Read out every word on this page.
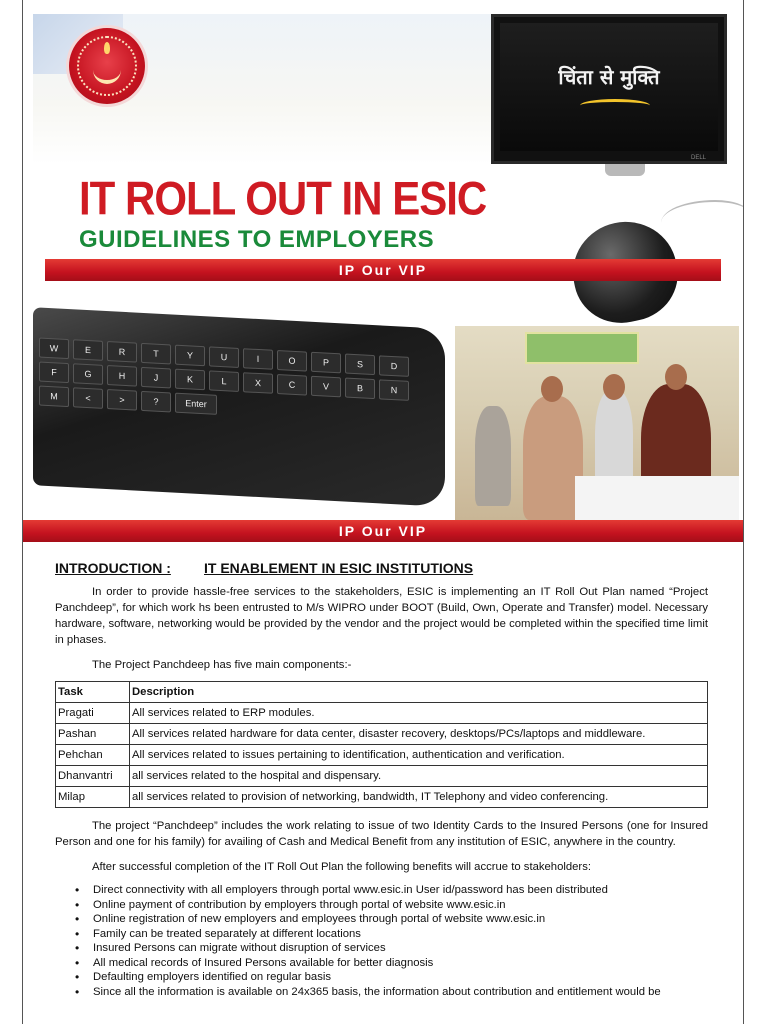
चिंता से मुक्ति
DELL
IT ROLL OUT IN ESIC
GUIDELINES TO EMPLOYERS
IP Our VIP
W	E	R	T	Y	U	I	O	P	S	D
F	G	H	J	K	L	X	C	V	B	N
M	<	>	?	Enter
IP Our VIP
INTRODUCTION :	IT ENABLEMENT IN ESIC INSTITUTIONS

In order to provide hassle-free services to the stakeholders, ESIC is implementing an IT Roll Out Plan named “Project Panchdeep”, for which work hs been entrusted to M/s WIPRO under BOOT (Build, Own, Operate and Transfer) model. Necessary hardware, software, networking would be provided by the vendor and the project would be completed within the specified time limit in phases.

The Project Panchdeep has five main components:-

Task	Description
Pragati	All services related to ERP modules.
Pashan	All services related hardware for data center, disaster recovery, desktops/PCs/laptops and middleware.
Pehchan	All services related to issues pertaining to identification, authentication and verification.
Dhanvantri	all services related to the hospital and dispensary.
Milap	all services related to provision of networking, bandwidth, IT Telephony and video conferencing.

The project “Panchdeep” includes the work relating to issue of two Identity Cards to the Insured Persons (one for Insured Person and one for his family) for availing of Cash and Medical Benefit from any institution of ESIC, anywhere in the country.

After successful completion of the IT Roll Out Plan the following benefits will accrue to stakeholders:

• Direct connectivity with all employers through portal www.esic.in User id/password has been distributed
• Online payment of contribution by employers through portal of website www.esic.in
• Online registration of new employers and employees through portal of website www.esic.in
• Family can be treated separately at different locations
• Insured Persons can migrate without disruption of services
• All medical records of Insured Persons available for better diagnosis
• Defaulting employers identified on regular basis
• Since all the information is available on 24x365 basis, the information about contribution and entitlement would be
